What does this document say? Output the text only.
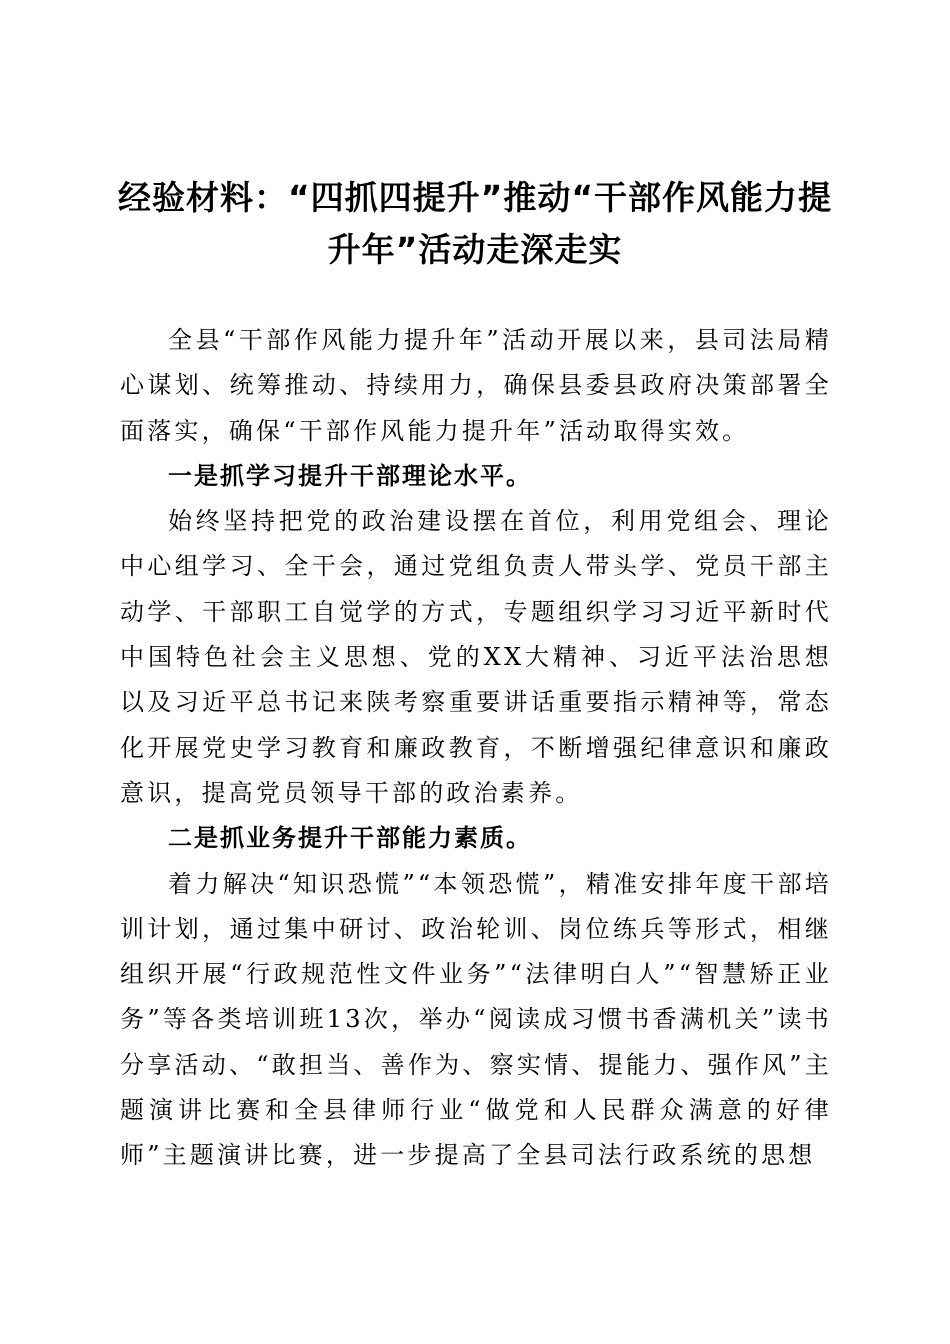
经验材料：“四抓四提升”推动“干部作风能力提升年”活动走深走实

全县“干部作风能力提升年”活动开展以来，县司法局精心谋划、统筹推动、持续用力，确保县委县政府决策部署全面落实，确保“干部作风能力提升年”活动取得实效。

一是抓学习提升干部理论水平。

始终坚持把党的政治建设摆在首位，利用党组会、理论中心组学习、全干会，通过党组负责人带头学、党员干部主动学、干部职工自觉学的方式，专题组织学习习近平新时代中国特色社会主义思想、党的XX大精神、习近平法治思想以及习近平总书记来陕考察重要讲话重要指示精神等，常态化开展党史学习教育和廉政教育，不断增强纪律意识和廉政意识，提高党员领导干部的政治素养。

二是抓业务提升干部能力素质。

着力解决“知识恐慌”“本领恐慌”，精准安排年度干部培训计划，通过集中研讨、政治轮训、岗位练兵等形式，相继组织开展“行政规范性文件业务”“法律明白人”“智慧矫正业务”等各类培训班13次，举办“阅读成习惯书香满机关”读书分享活动、“敢担当、善作为、察实情、提能力、强作风”主题演讲比赛和全县律师行业“做党和人民群众满意的好律师”主题演讲比赛，进一步提高了全县司法行政系统的思想
